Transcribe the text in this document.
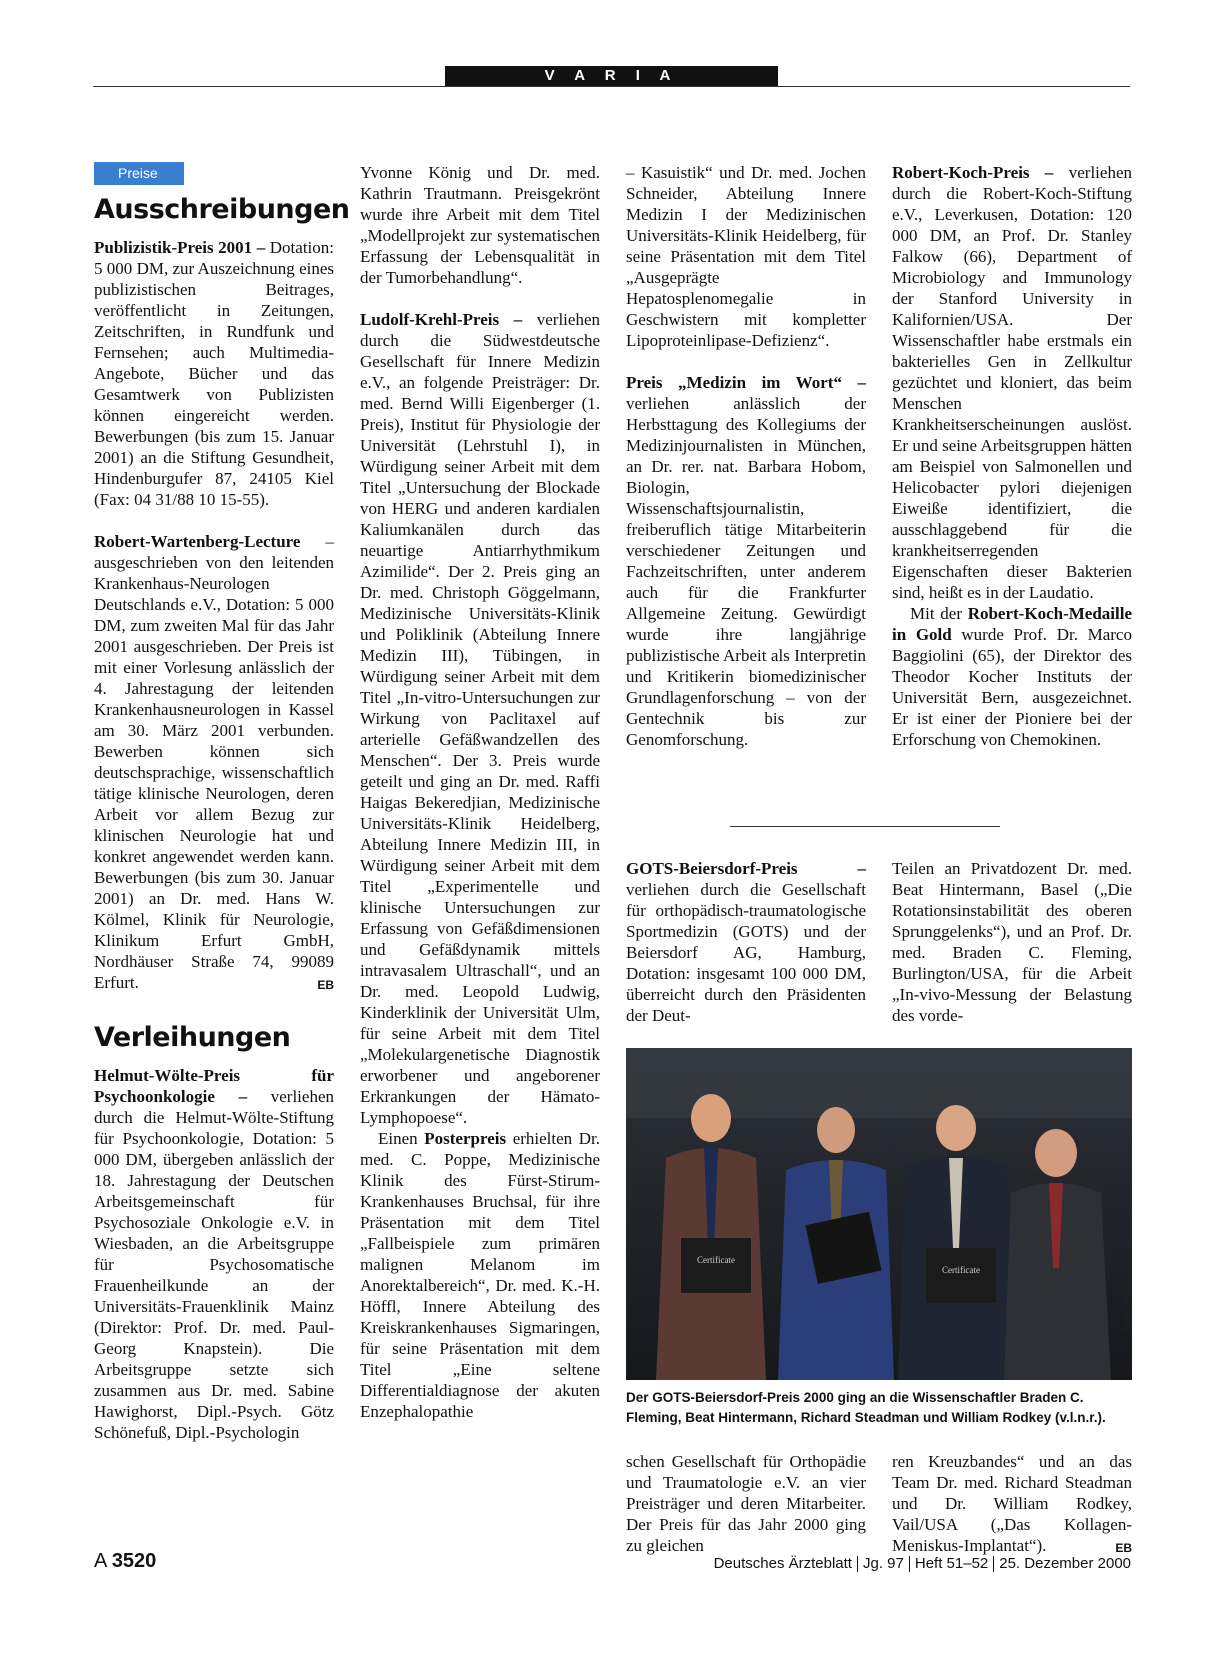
V A R I A
Preise
Ausschreibungen

Publizistik-Preis 2001 – Dotation: 5 000 DM, zur Auszeichnung eines publizistischen Beitrages, veröffentlicht in Zeitungen, Zeitschriften, in Rundfunk und Fernsehen; auch Multimedia-Angebote, Bücher und das Gesamtwerk von Publizisten können eingereicht werden. Bewerbungen (bis zum 15. Januar 2001) an die Stiftung Gesundheit, Hindenburgufer 87, 24105 Kiel (Fax: 04 31/88 10 15-55).

Robert-Wartenberg-Lecture – ausgeschrieben von den leitenden Krankenhaus-Neurologen Deutschlands e.V., Dotation: 5 000 DM, zum zweiten Mal für das Jahr 2001 ausgeschrieben. Der Preis ist mit einer Vorlesung anlässlich der 4. Jahrestagung der leitenden Krankenhausneurologen in Kassel am 30. März 2001 verbunden. Bewerben können sich deutschsprachige, wissenschaftlich tätige klinische Neurologen, deren Arbeit vor allem Bezug zur klinischen Neurologie hat und konkret angewendet werden kann. Bewerbungen (bis zum 30. Januar 2001) an Dr. med. Hans W. Kölmel, Klinik für Neurologie, Klinikum Erfurt GmbH, Nordhäuser Straße 74, 99089 Erfurt.	EB

Verleihungen

Helmut-Wölte-Preis für Psychoonkologie – verliehen durch die Helmut-Wölte-Stiftung für Psychoonkologie, Dotation: 5 000 DM, übergeben anlässlich der 18. Jahrestagung der Deutschen Arbeitsgemeinschaft für Psychosoziale Onkologie e.V. in Wiesbaden, an die Arbeitsgruppe für Psychosomatische Frauenheilkunde an der Universitäts-Frauenklinik Mainz (Direktor: Prof. Dr. med. Paul-Georg Knapstein). Die Arbeitsgruppe setzte sich zusammen aus Dr. med. Sabine Hawighorst, Dipl.-Psych. Götz Schönefuß, Dipl.-Psychologin

Yvonne König und Dr. med. Kathrin Trautmann. Preisgekrönt wurde ihre Arbeit mit dem Titel „Modellprojekt zur systematischen Erfassung der Lebensqualität in der Tumorbehandlung“.

Ludolf-Krehl-Preis – verliehen durch die Südwestdeutsche Gesellschaft für Innere Medizin e.V., an folgende Preisträger: Dr. med. Bernd Willi Eigenberger (1. Preis), Institut für Physiologie der Universität (Lehrstuhl I), in Würdigung seiner Arbeit mit dem Titel „Untersuchung der Blockade von HERG und anderen kardialen Kaliumkanälen durch das neuartige Antiarrhythmikum Azimilide“. Der 2. Preis ging an Dr. med. Christoph Göggelmann, Medizinische Universitäts-Klinik und Poliklinik (Abteilung Innere Medizin III), Tübingen, in Würdigung seiner Arbeit mit dem Titel „In-vitro-Untersuchungen zur Wirkung von Paclitaxel auf arterielle Gefäßwandzellen des Menschen“. Der 3. Preis wurde geteilt und ging an Dr. med. Raffi Haigas Bekeredjian, Medizinische Universitäts-Klinik Heidelberg, Abteilung Innere Medizin III, in Würdigung seiner Arbeit mit dem Titel „Experimentelle und klinische Untersuchungen zur Erfassung von Gefäßdimensionen und Gefäßdynamik mittels intravasalem Ultraschall“, und an Dr. med. Leopold Ludwig, Kinderklinik der Universität Ulm, für seine Arbeit mit dem Titel „Molekulargenetische Diagnostik erworbener und angeborener Erkrankungen der Hämato-Lymphopoese“.

Einen Posterpreis erhielten Dr. med. C. Poppe, Medizinische Klinik des Fürst-Stirum-Krankenhauses Bruchsal, für ihre Präsentation mit dem Titel „Fallbeispiele zum primären malignen Melanom im Anorektalbereich“, Dr. med. K.-H. Höffl, Innere Abteilung des Kreiskrankenhauses Sigmaringen, für seine Präsentation mit dem Titel „Eine seltene Differentialdiagnose der akuten Enzephalopathie

– Kasuistik“ und Dr. med. Jochen Schneider, Abteilung Innere Medizin I der Medizinischen Universitäts-Klinik Heidelberg, für seine Präsentation mit dem Titel „Ausgeprägte Hepatosplenomegalie in Geschwistern mit kompletter Lipoproteinlipase-Defizienz“.

Preis „Medizin im Wort“ – verliehen anlässlich der Herbsttagung des Kollegiums der Medizinjournalisten in München, an Dr. rer. nat. Barbara Hobom, Biologin, Wissenschaftsjournalistin, freiberuflich tätige Mitarbeiterin verschiedener Zeitungen und Fachzeitschriften, unter anderem auch für die Frankfurter Allgemeine Zeitung. Gewürdigt wurde ihre langjährige publizistische Arbeit als Interpretin und Kritikerin biomedizinischer Grundlagenforschung – von der Gentechnik bis zur Genomforschung.

Robert-Koch-Preis – verliehen durch die Robert-Koch-Stiftung e.V., Leverkusen, Dotation: 120 000 DM, an Prof. Dr. Stanley Falkow (66), Department of Microbiology and Immunology der Stanford University in Kalifornien/USA. Der Wissenschaftler habe erstmals ein bakterielles Gen in Zellkultur gezüchtet und kloniert, das beim Menschen Krankheitserscheinungen auslöst. Er und seine Arbeitsgruppen hätten am Beispiel von Salmonellen und Helicobacter pylori diejenigen Eiweiße identifiziert, die ausschlaggebend für die krankheitserregenden Eigenschaften dieser Bakterien sind, heißt es in der Laudatio.

Mit der Robert-Koch-Medaille in Gold wurde Prof. Dr. Marco Baggiolini (65), der Direktor des Theodor Kocher Instituts der Universität Bern, ausgezeichnet. Er ist einer der Pioniere bei der Erforschung von Chemokinen.

GOTS-Beiersdorf-Preis – verliehen durch die Gesellschaft für orthopädisch-traumatologische Sportmedizin (GOTS) und der Beiersdorf AG, Hamburg, Dotation: insgesamt 100 000 DM, überreicht durch den Präsidenten der Deut-

Teilen an Privatdozent Dr. med. Beat Hintermann, Basel („Die Rotationsinstabilität des oberen Sprunggelenks“), und an Prof. Dr. med. Braden C. Fleming, Burlington/USA, für die Arbeit „In-vivo-Messung der Belastung des vorde-

Certificate
Certificate
Foto: privat
Der GOTS-Beiersdorf-Preis 2000 ging an die Wissenschaftler Braden C. Fleming, Beat Hintermann, Richard Steadman und William Rodkey (v.l.n.r.).

schen Gesellschaft für Orthopädie und Traumatologie e.V. an vier Preisträger und deren Mitarbeiter. Der Preis für das Jahr 2000 ging zu gleichen

ren Kreuzbandes“ und an das Team Dr. med. Richard Steadman und Dr. William Rodkey, Vail/USA („Das Kollagen-Meniskus-Implantat“).	EB

A 3520	Deutsches Ärzteblatt Jg. 97 Heft 51–52 25. Dezember 2000
